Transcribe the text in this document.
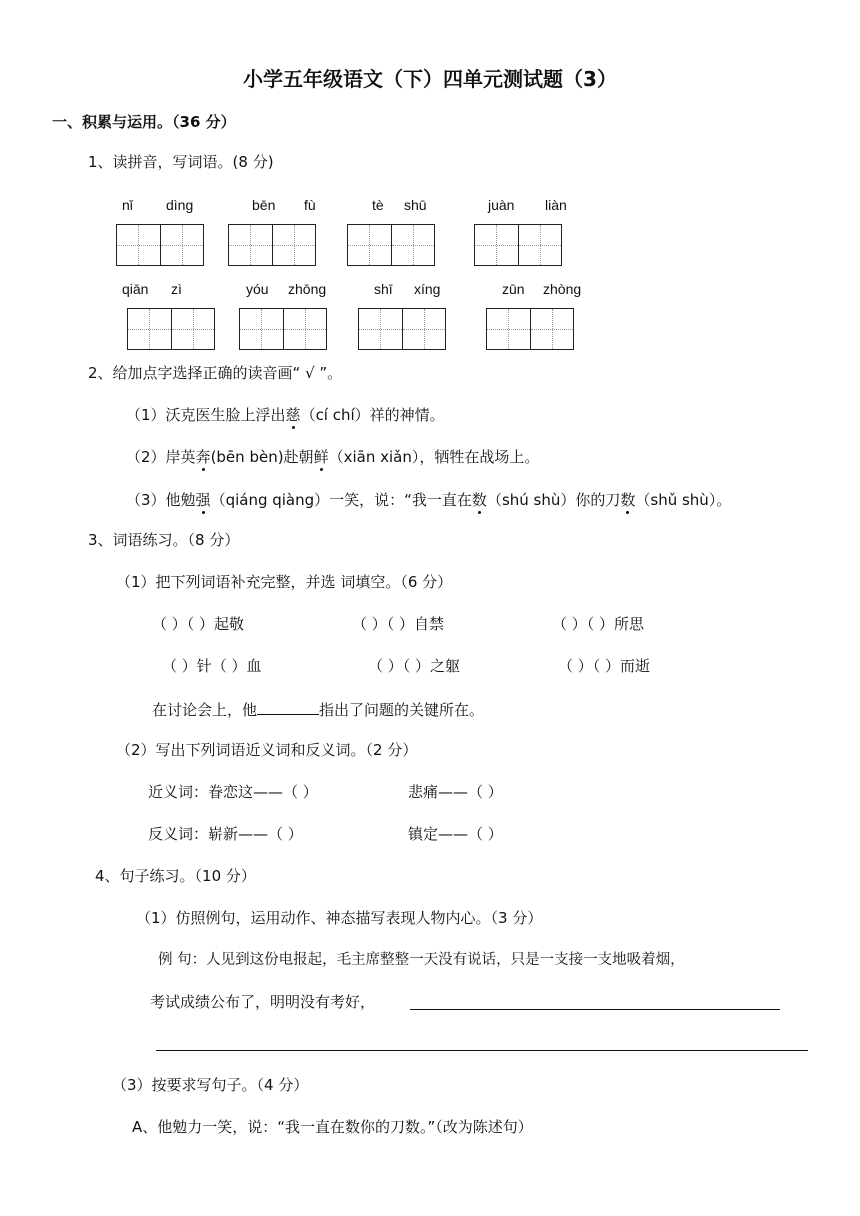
小学五年级语文（下）四单元测试题（3）
一、积累与运用。（36 分）
1、读拼音，写词语。(8 分)
nǐ dìng	bēn fù	tè shū	juàn liàn
qiān zì	yóu zhōng	shī xíng	zūn zhòng
2、给加点字选择正确的读音画“ √ ”。
（1）沃克医生脸上浮出慈（cí chí）祥的神情。
（2）岸英奔(bēn bèn)赴朝鲜（xiān xiǎn），牺牲在战场上。
（3）他勉强（qiáng qiàng）一笑，说：“我一直在数（shú shù）你的刀数（shǔ shù）。
3、词语练习。（8 分）
（1）把下列词语补充完整，并选 词填空。（6 分）
（ ）（ ）起敬	（ ）（ ）自禁	（ ）（ ）所思
（ ）针（ ）血	（ ）（ ）之躯	（ ）（ ）而逝
在讨论会上，他	指出了问题的关键所在。
（2）写出下列词语近义词和反义词。（2 分）
近义词：眷恋这——（ ）	悲痛——（ ）
反义词：崭新——（ ）	镇定——（ ）
4、句子练习。（10 分）
（1）仿照例句，运用动作、神态描写表现人物内心。（3 分）
例 句：人见到这份电报起，毛主席整整一天没有说话，只是一支接一支地吸着烟，
考试成绩公布了，明明没有考好，
（3）按要求写句子。（4 分）
A、他勉力一笑，说：“我一直在数你的刀数。”（改为陈述句）
